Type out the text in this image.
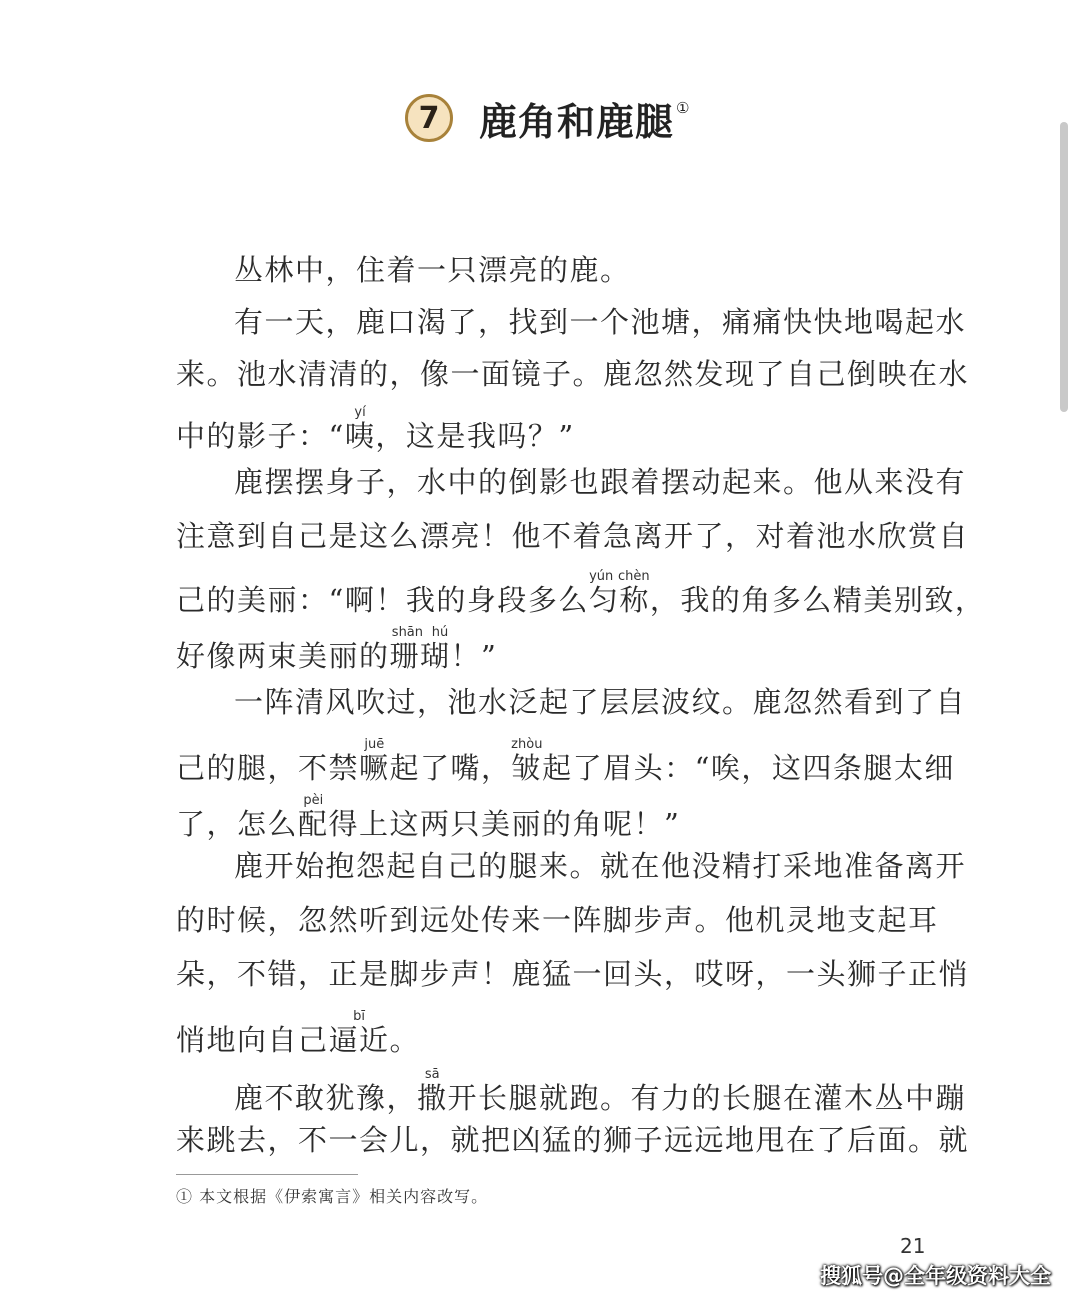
7	鹿角和鹿腿 ①
丛林中，住着一只漂亮的鹿。
有一天，鹿口渴了，找到一个池塘，痛痛快快地喝起水
来。池水清清的，像一面镜子。鹿忽然发现了自己倒映在水
中的影子：“咦yí，这是我吗？”
鹿摆摆身子，水中的倒影也跟着摆动起来。他从来没有
注意到自己是这么漂亮！他不着急离开了，对着池水欣赏自
己的美丽：“啊！我的身段多么匀称yún chèn，我的角多么精美别致，
好像两束美丽的珊瑚shān hú！”
一阵清风吹过，池水泛起了层层波纹。鹿忽然看到了自
己的腿，不禁噘juē起了嘴，皱zhòu起了眉头：“唉，这四条腿太细
了，怎么配pèi得上这两只美丽的角呢！”
鹿开始抱怨起自己的腿来。就在他没精打采地准备离开
的时候，忽然听到远处传来一阵脚步声。他机灵地支起耳
朵，不错，正是脚步声！鹿猛一回头，哎呀，一头狮子正悄
悄地向自己逼近bī。
鹿不敢犹豫，撒sā开长腿就跑。有力的长腿在灌木丛中蹦
来跳去，不一会儿，就把凶猛的狮子远远地甩在了后面。就
① 本文根据《伊索寓言》相关内容改写。
21
搜狐号@全年级资料大全
